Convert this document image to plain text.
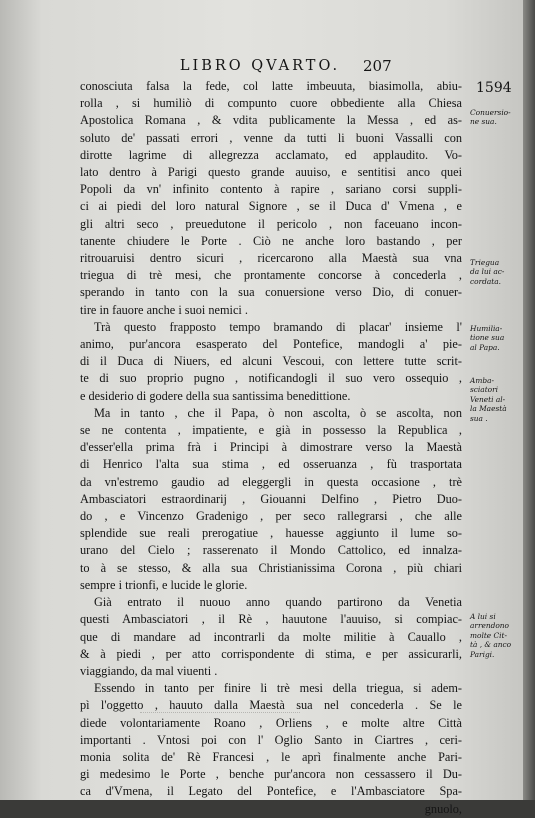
LIBRO QVARTO.	207
1594
conosciuta falsa la fede, col latte imbeuuta, biasimolla, abiu-
rolla , si humiliò di compunto cuore obbediente alla Chiesa
Apostolica Romana , & vdita publicamente la Messa , ed as-
soluto de' passati errori , venne da tutti li buoni Vassalli con
dirotte lagrime di allegrezza acclamato, ed applaudito. Vo-
lato dentro à Parigi questo grande auuiso, e sentitisi anco quei
Popoli da vn' infinito contento à rapire , sariano corsi suppli-
ci ai piedi del loro natural Signore , se il Duca d' Vmena , e
gli altri seco , preuedutone il pericolo , non faceuano incon-
tanente chiudere le Porte . Ciò ne anche loro bastando , per
ritrouaruisi dentro sicuri , ricercarono alla Maestà sua vna
triegua di trè mesi, che prontamente concorse à concederla ,
sperando in tanto con la sua conuersione verso Dio, di conuer-
tire in fauore anche i suoi nemici .
Trà questo frapposto tempo bramando di placar' insieme l'
animo, pur'ancora esasperato del Pontefice, mandogli a' pie-
di il Duca di Niuers, ed alcuni Vescoui, con lettere tutte scrit-
te di suo proprio pugno , notificandogli il suo vero ossequio ,
e desiderio di godere della sua santissima benedittione.
Ma in tanto , che il Papa, ò non ascolta, ò se ascolta, non
se ne contenta , impatiente, e già in possesso la Republica ,
d'esser'ella prima frà i Principi à dimostrare verso la Maestà
di Henrico l'alta sua stima , ed osseruanza , fù trasportata
da vn'estremo gaudio ad eleggergli in questa occasione , trè
Ambasciatori estraordinarij , Giouanni Delfino , Pietro Duo-
do , e Vincenzo Gradenigo , per seco rallegrarsi , che alle
splendide sue reali prerogatiue , hauesse aggiunto il lume so-
urano del Cielo ; rasserenato il Mondo Cattolico, ed innalza-
to à se stesso, & alla sua Christianissima Corona , più chiari
sempre i trionfi, e lucide le glorie.
Già entrato il nuouo anno quando partirono da Venetia
questi Ambasciatori , il Rè , hauutone l'auuiso, si compiac-
que di mandare ad incontrarli da molte militie à Cauallo ,
& à piedi , per atto corrispondente di stima, e per assicurarli,
viaggiando, da mal viuenti .
Essendo in tanto per finire li trè mesi della triegua, si adem-
pì l'oggetto , hauuto dalla Maestà sua nel concederla . Se le
diede volontariamente Roano , Orliens , e molte altre Città
importanti . Vntosi poi con l' Oglio Santo in Ciartres , ceri-
monia solita de' Rè Francesi , le aprì finalmente anche Pari-
gi medesimo le Porte , benche pur'ancora non cessassero il Du-
ca d'Vmena, il Legato del Pontefice, e l'Ambasciatore Spa-
gnuolo,
Conuersio-
ne sua.
Triegua
da lui ac-
cordata.
Humilia-
tione sua
al Papa.
Amba-
sciatori
Veneti al-
la Maestà
sua .
A lui si
arrendono
molte Cit-
tà , & anco
Parigi.
